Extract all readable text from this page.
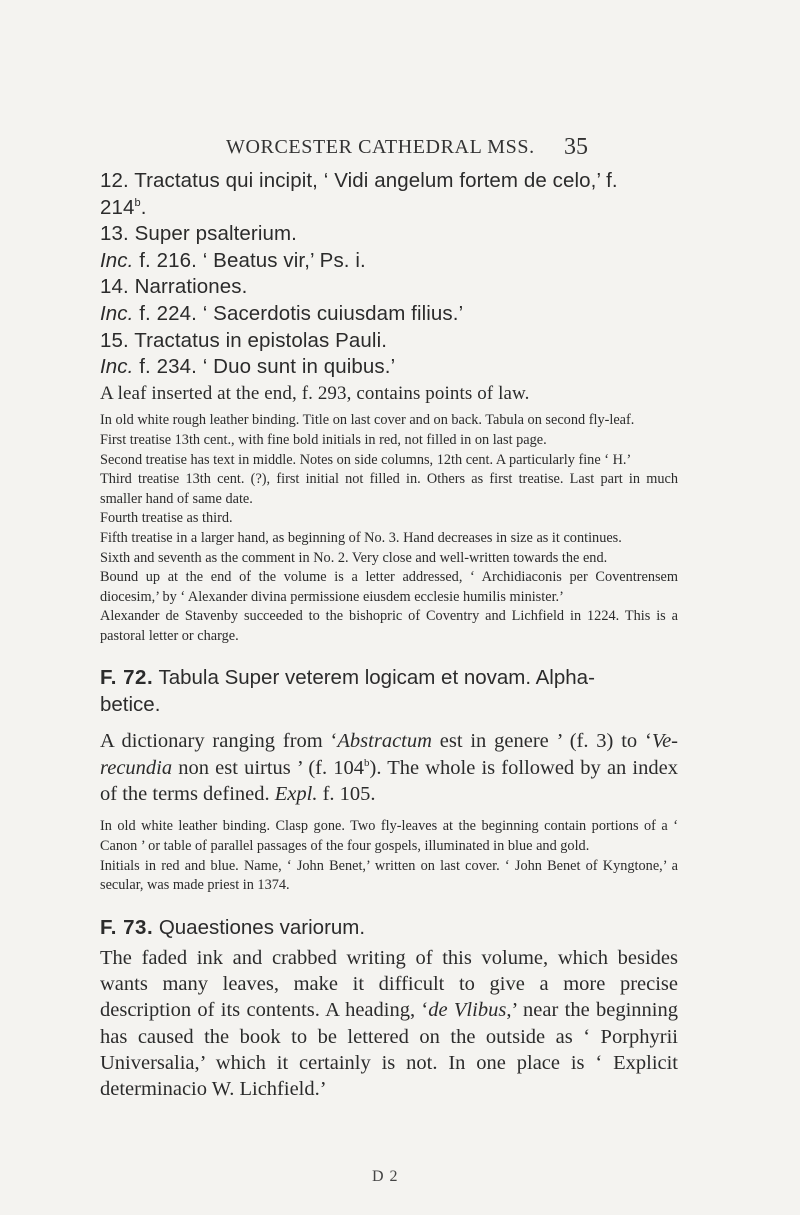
WORCESTER CATHEDRAL MSS. 35

12. Tractatus qui incipit, ‘ Vidi angelum fortem de celo,’ f.

214$^b$.

13. Super psalterium.

Inc. f. 216. ‘ Beatus vir,’ Ps. i.

14. Narrationes.

Inc. f. 224. ‘ Sacerdotis cuiusdam filius.’

15. Tractatus in epistolas Pauli.

Inc. f. 234. ‘ Duo sunt in quibus.’

A leaf inserted at the end, f. 293, contains points of law.

In old white rough leather binding. Title on last cover and on back. Tabula on second fly-leaf.

First treatise 13th cent., with fine bold initials in red, not filled in on last page.

Second treatise has text in middle. Notes on side columns, 12th cent. A particularly fine ‘ H.’

Third treatise 13th cent. (?), first initial not filled in. Others as first treatise. Last part in much smaller hand of same date.

Fourth treatise as third.

Fifth treatise in a larger hand, as beginning of No. 3. Hand decreases in size as it continues.

Sixth and seventh as the comment in No. 2. Very close and well-written towards the end.

Bound up at the end of the volume is a letter addressed, ‘ Archidiaconis per Coventrensem diocesim,’ by ‘ Alexander divina permissione eiusdem ecclesie humilis minister.’

Alexander de Stavenby succeeded to the bishopric of Coventry and Lichfield in 1224. This is a pastoral letter or charge.

F. 72. Tabula Super veterem logicam et novam. Alpha-

betice.

A dictionary ranging from ‘Abstractum est in genere ’ (f. 3) to ‘Ve-recundia non est uirtus ’ (f. 104$^b$). The whole is followed by an index of the terms defined. Expl. f. 105.

In old white leather binding. Clasp gone. Two fly-leaves at the beginning contain portions of a ‘ Canon ’ or table of parallel passages of the four gospels, illuminated in blue and gold.

Initials in red and blue. Name, ‘ John Benet,’ written on last cover. ‘ John Benet of Kyngtone,’ a secular, was made priest in 1374.

F. 73. Quaestiones variorum.

The faded ink and crabbed writing of this volume, which besides wants many leaves, make it difficult to give a more precise description of its contents. A heading, ‘de Vlibus,’ near the beginning has caused the book to be lettered on the outside as ‘ Porphyrii Universalia,’ which it certainly is not. In one place is ‘ Explicit determinacio W. Lichfield.’

D 2
